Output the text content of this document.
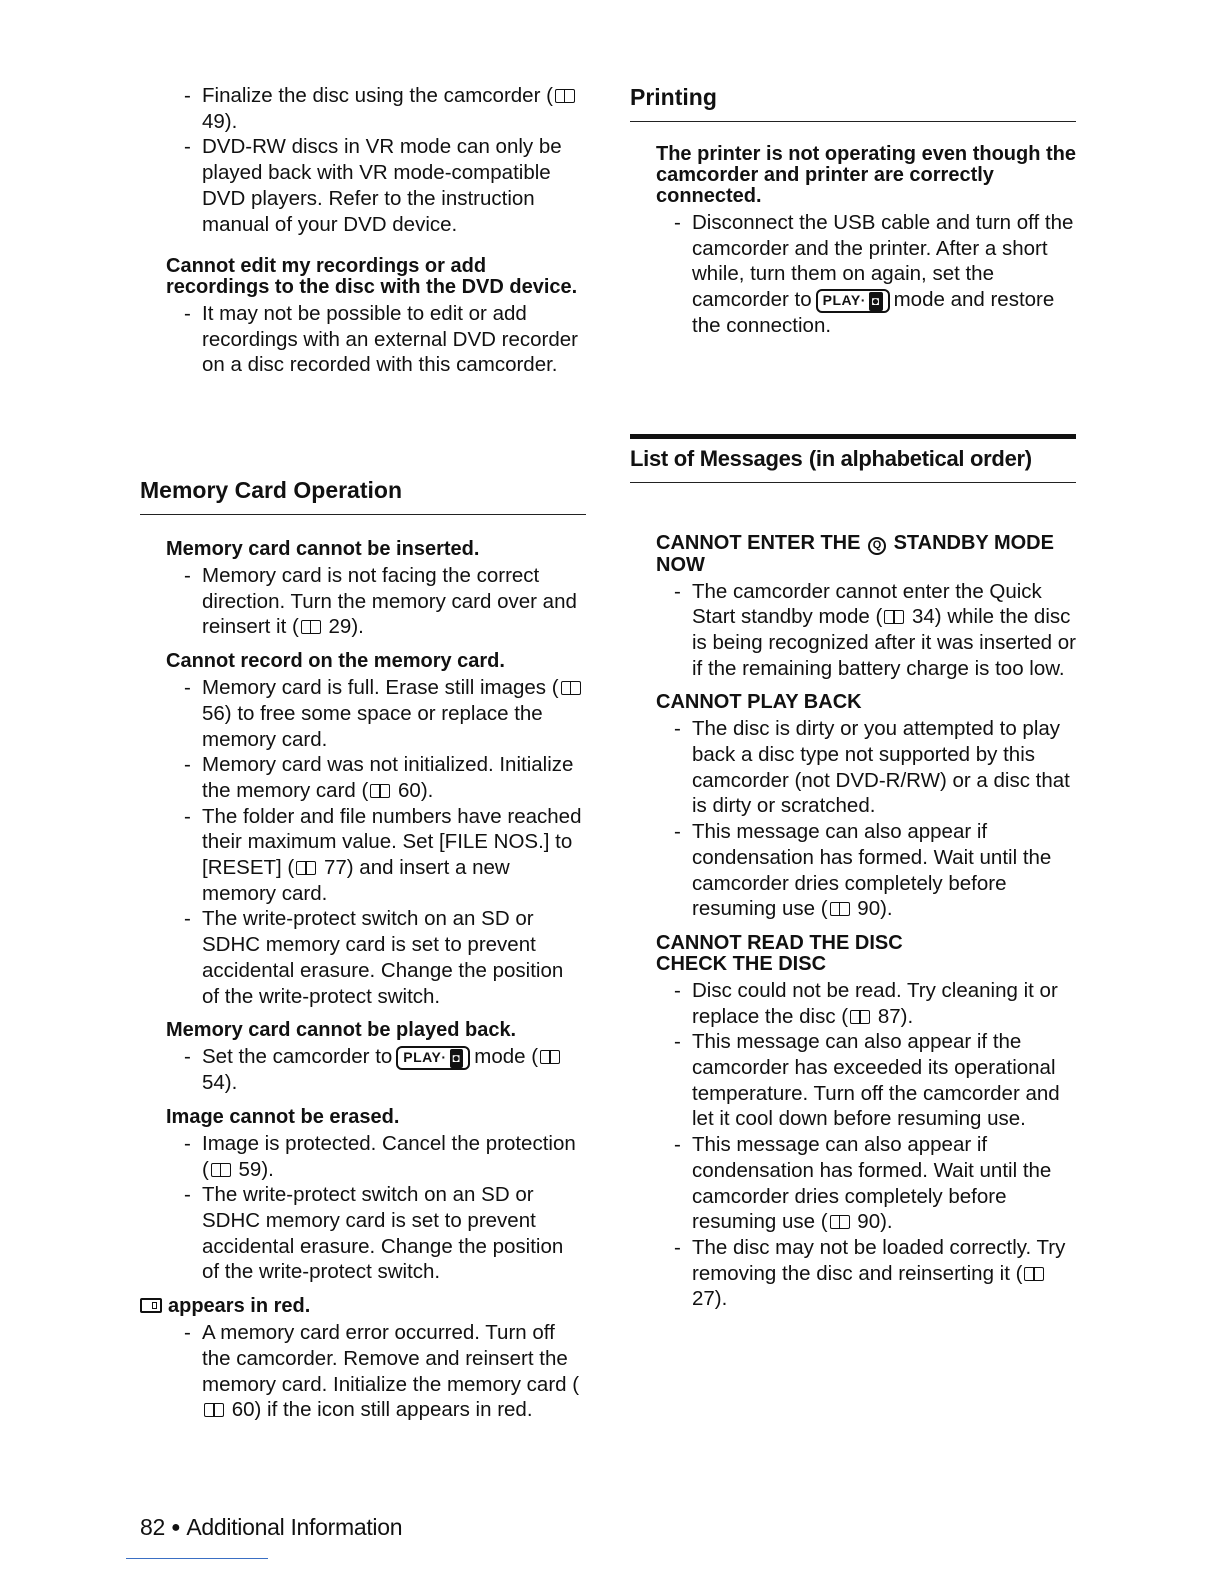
- Finalize the disc using the camcorder ( 49).
- DVD-RW discs in VR mode can only be played back with VR mode-compatible DVD players. Refer to the instruction manual of your DVD device.

Cannot edit my recordings or add recordings to the disc with the DVD device.

- It may not be possible to edit or add recordings with an external DVD recorder on a disc recorded with this camcorder.
Memory Card Operation

Memory card cannot be inserted.

- Memory card is not facing the correct direction. Turn the memory card over and reinsert it ( 29).

Cannot record on the memory card.

- Memory card is full. Erase still images ( 56) to free some space or replace the memory card.
- Memory card was not initialized. Initialize the memory card ( 60).
- The folder and file numbers have reached their maximum value. Set [FILE NOS.] to [RESET] ( 77) and insert a new memory card.
- The write-protect switch on an SD or SDHC memory card is set to prevent accidental erasure. Change the position of the write-protect switch.

Memory card cannot be played back.

- Set the camcorder to PLAY· ◘ mode ( 54).

Image cannot be erased.

- Image is protected. Cancel the protection ( 59).
- The write-protect switch on an SD or SDHC memory card is set to prevent accidental erasure. Change the position of the write-protect switch.

appears in red.

- A memory card error occurred. Turn off the camcorder. Remove and reinsert the memory card. Initialize the memory card ( 60) if the icon still appears in red.
Printing

The printer is not operating even though the camcorder and printer are correctly connected.

- Disconnect the USB cable and turn off the camcorder and the printer. After a short while, turn them on again, set the camcorder to PLAY· ◘ mode and restore the connection.
List of Messages (in alphabetical order)

CANNOT ENTER THE Q STANDBY MODE NOW

- The camcorder cannot enter the Quick Start standby mode ( 34) while the disc is being recognized after it was inserted or if the remaining battery charge is too low.

CANNOT PLAY BACK

- The disc is dirty or you attempted to play back a disc type not supported by this camcorder (not DVD-R/RW) or a disc that is dirty or scratched.
- This message can also appear if condensation has formed. Wait until the camcorder dries completely before resuming use ( 90).

CANNOT READ THE DISC

CHECK THE DISC

- Disc could not be read. Try cleaning it or replace the disc ( 87).
- This message can also appear if the camcorder has exceeded its operational temperature. Turn off the camcorder and let it cool down before resuming use.
- This message can also appear if condensation has formed. Wait until the camcorder dries completely before resuming use ( 90).
- The disc may not be loaded correctly. Try removing the disc and reinserting it ( 27).
82 ● Additional Information
